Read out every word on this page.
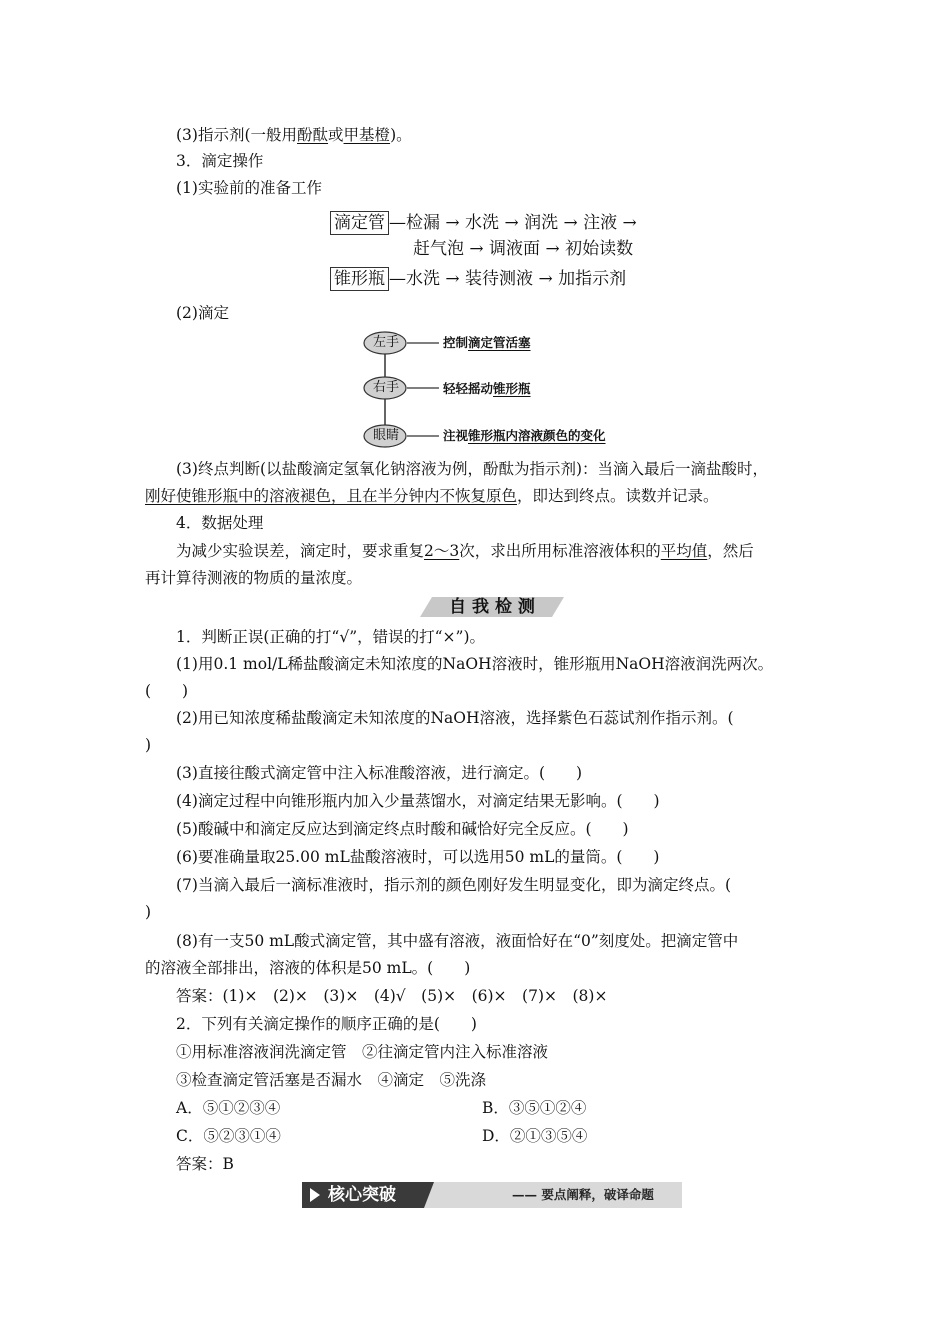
(3)指示剂(一般用酚酞或甲基橙)。
3．滴定操作
(1)实验前的准备工作
滴定管 —检漏 → 水洗 → 润洗 → 注液 →
赶气泡 → 调液面 → 初始读数
锥形瓶 —水洗 → 装待测液 → 加指示剂
(2)滴定
左手
右手
眼睛
控制滴定管活塞
轻轻摇动锥形瓶
注视锥形瓶内溶液颜色的变化
(3)终点判断(以盐酸滴定氢氧化钠溶液为例，酚酞为指示剂)：当滴入最后一滴盐酸时，
刚好使锥形瓶中的溶液褪色，且在半分钟内不恢复原色，即达到终点。读数并记录。
4．数据处理
为减少实验误差，滴定时，要求重复2～3次，求出所用标准溶液体积的平均值，然后
再计算待测液的物质的量浓度。
自 我 检 测
1．判断正误(正确的打“√”，错误的打“×”)。
(1)用0.1 mol/L稀盐酸滴定未知浓度的NaOH溶液时，锥形瓶用NaOH溶液润洗两次。
(　　)
(2)用已知浓度稀盐酸滴定未知浓度的NaOH溶液，选择紫色石蕊试剂作指示剂。(
)
(3)直接往酸式滴定管中注入标准酸溶液，进行滴定。(　　)
(4)滴定过程中向锥形瓶内加入少量蒸馏水，对滴定结果无影响。(　　)
(5)酸碱中和滴定反应达到滴定终点时酸和碱恰好完全反应。(　　)
(6)要准确量取25.00 mL盐酸溶液时，可以选用50 mL的量筒。(　　)
(7)当滴入最后一滴标准液时，指示剂的颜色刚好发生明显变化，即为滴定终点。(
)
(8)有一支50 mL酸式滴定管，其中盛有溶液，液面恰好在“0”刻度处。把滴定管中
的溶液全部排出，溶液的体积是50 mL。(　　)
答案：(1)×　(2)×　(3)×　(4)√　(5)×　(6)×　(7)×　(8)×
2．下列有关滴定操作的顺序正确的是(　　)
①用标准溶液润洗滴定管　②往滴定管内注入标准溶液
③检查滴定管活塞是否漏水　④滴定　⑤洗涤
A．⑤①②③④	B．③⑤①②④
C．⑤②③①④	D．②①③⑤④
答案：B
核心突破	—— 要点阐释，破译命题
